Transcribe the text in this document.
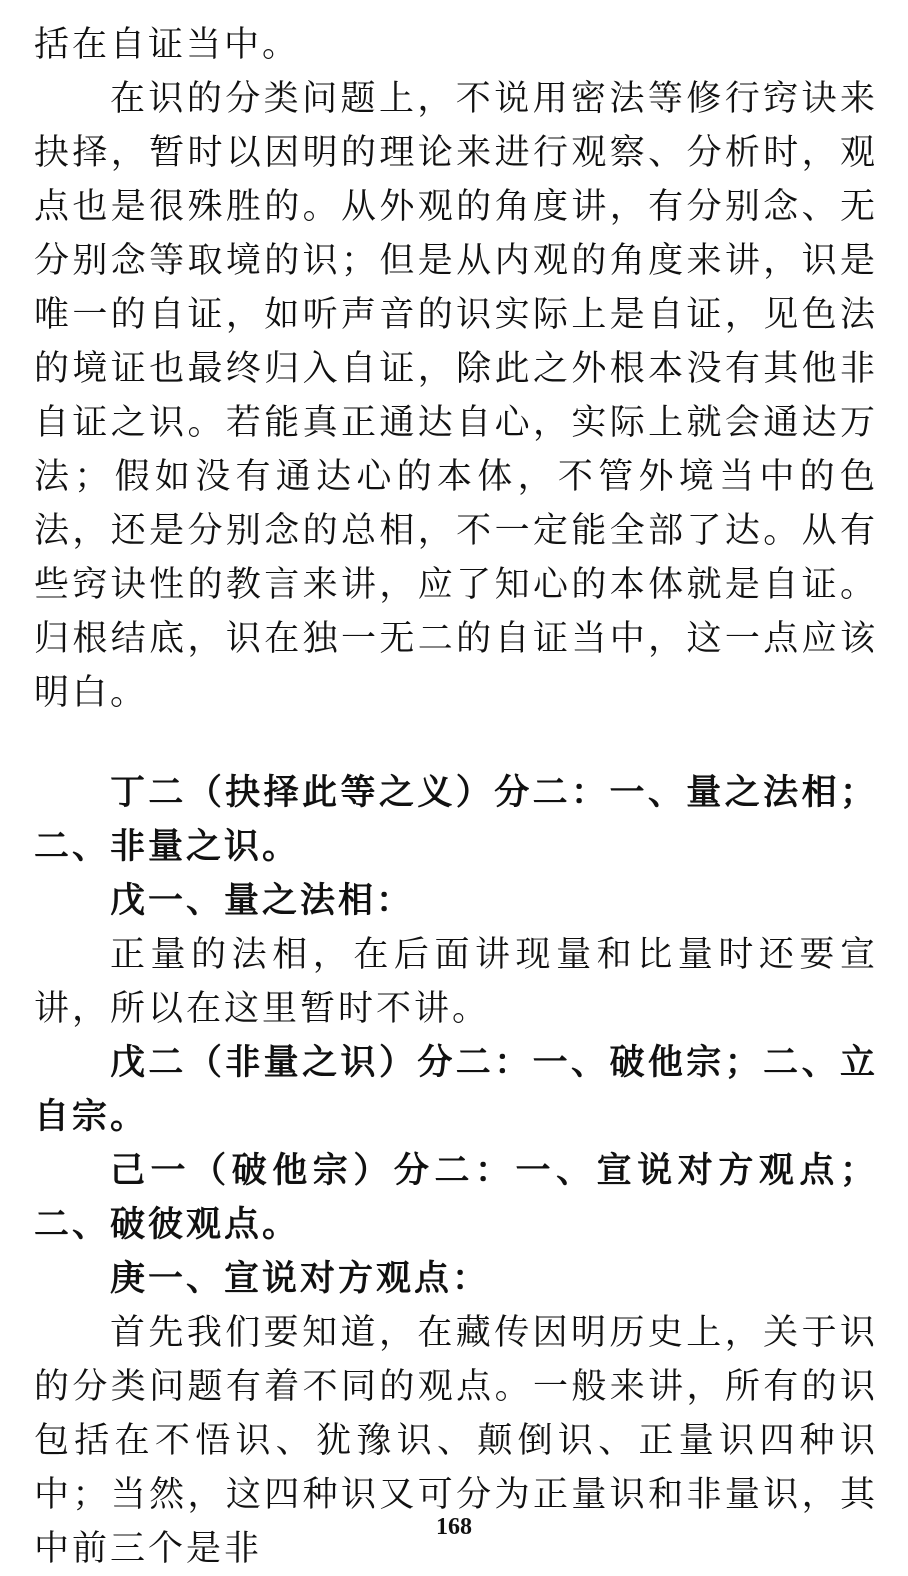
括在自证当中。

在识的分类问题上，不说用密法等修行窍诀来抉择，暂时以因明的理论来进行观察、分析时，观点也是很殊胜的。从外观的角度讲，有分别念、无分别念等取境的识；但是从内观的角度来讲，识是唯一的自证，如听声音的识实际上是自证，见色法的境证也最终归入自证，除此之外根本没有其他非自证之识。若能真正通达自心，实际上就会通达万法；假如没有通达心的本体，不管外境当中的色法，还是分别念的总相，不一定能全部了达。从有些窍诀性的教言来讲，应了知心的本体就是自证。归根结底，识在独一无二的自证当中，这一点应该明白。

丁二（抉择此等之义）分二：一、量之法相；二、非量之识。

戊一、量之法相：

正量的法相，在后面讲现量和比量时还要宣讲，所以在这里暂时不讲。

戊二（非量之识）分二：一、破他宗；二、立自宗。

己一（破他宗）分二：一、宣说对方观点；二、破彼观点。

庚一、宣说对方观点：

首先我们要知道，在藏传因明历史上，关于识的分类问题有着不同的观点。一般来讲，所有的识包括在不悟识、犹豫识、颠倒识、正量识四种识中；当然，这四种识又可分为正量识和非量识，其中前三个是非

168
